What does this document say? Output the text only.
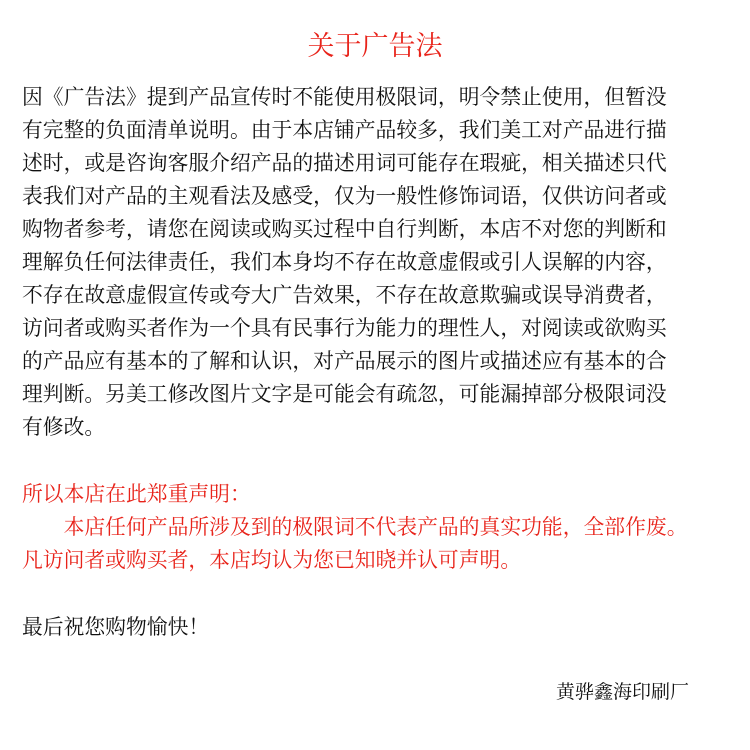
关于广告法
因《广告法》提到产品宣传时不能使用极限词，明令禁止使用，但暂没
有完整的负面清单说明。由于本店铺产品较多，我们美工对产品进行描
述时，或是咨询客服介绍产品的描述用词可能存在瑕疵，相关描述只代
表我们对产品的主观看法及感受，仅为一般性修饰词语，仅供访问者或
购物者参考，请您在阅读或购买过程中自行判断，本店不对您的判断和
理解负任何法律责任，我们本身均不存在故意虚假或引人误解的内容，
不存在故意虚假宣传或夸大广告效果，不存在故意欺骗或误导消费者，
访问者或购买者作为一个具有民事行为能力的理性人，对阅读或欲购买
的产品应有基本的了解和认识，对产品展示的图片或描述应有基本的合
理判断。另美工修改图片文字是可能会有疏忽，可能漏掉部分极限词没
有修改。
所以本店在此郑重声明：
　　本店任何产品所涉及到的极限词不代表产品的真实功能，全部作废。
凡访问者或购买者，本店均认为您已知晓并认可声明。
最后祝您购物愉快！
黄骅鑫海印刷厂
